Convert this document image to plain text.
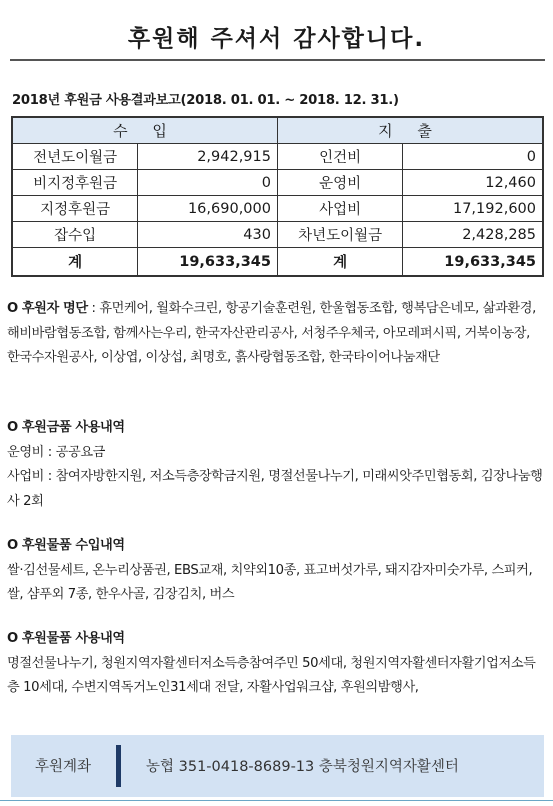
후원해 주셔서 감사합니다.
2018년 후원금 사용결과보고(2018. 01. 01. ~ 2018. 12. 31.)
수 입		지 출	
전년도이월금	2,942,915	인건비	0
비지정후원금	0	운영비	12,460
지정후원금	16,690,000	사업비	17,192,600
잡수입	430	차년도이월금	2,428,285
계	19,633,345	계	19,633,345
O 후원자 명단 : 휴먼케어, 월화수크린, 항공기술훈련원, 한울협동조합, 행복담은네모, 삶과환경, 해비바람협동조합, 함께사는우리, 한국자산관리공사, 서청주우체국, 아모레퍼시픽, 거북이농장, 한국수자원공사, 이상엽, 이상섭, 최명호, 흙사랑협동조합, 한국타이어나눔재단
O 후원금품 사용내역
운영비 : 공공요금
사업비 : 참여자방한지원, 저소득층장학금지원, 명절선물나누기, 미래씨앗주민협동회, 김장나눔행사 2회
O 후원물품 수입내역
쌀·김선물세트, 온누리상품권, EBS교재, 치약외10종, 표고버섯가루, 돼지감자미숫가루, 스피커, 쌀, 샴푸외 7종, 한우사골, 김장김치, 버스
O 후원물품 사용내역
명절선물나누기, 청원지역자활센터저소득층참여주민 50세대, 청원지역자활센터자활기업저소득층 10세대, 수변지역독거노인31세대 전달, 자활사업워크샵, 후원의밤행사,
후원계좌	농협 351-0418-8689-13 충북청원지역자활센터
